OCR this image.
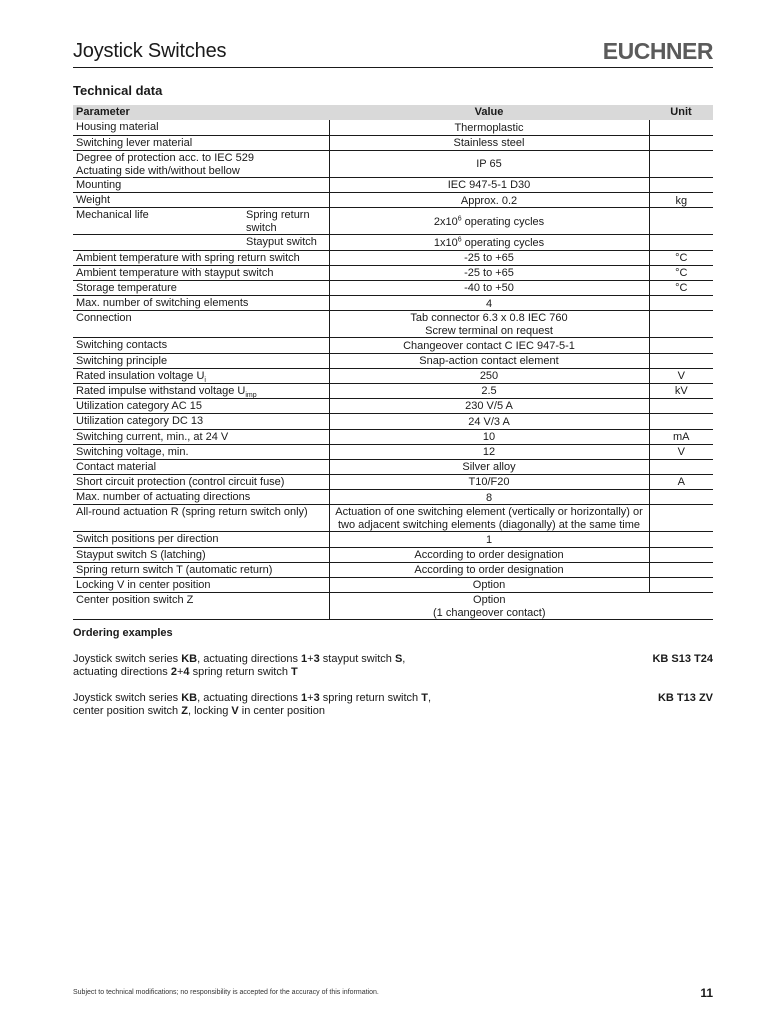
Joystick Switches	EUCHNER
Technical data
Parameter	Value	Unit
Housing material	Thermoplastic	
Switching lever material	Stainless steel	

Degree of protection acc. to IEC 529
Actuating side with/without bellow	IP 65	
Mounting	IEC 947-5-1 D30	
Weight	Approx. 0.2	kg
Mechanical life Spring return switch	$2x10^6$ operating cycles	
Stayput switch	$1x10^6$ operating cycles	
Ambient temperature with spring return switch	-25 to +65	°C
Ambient temperature with stayput switch	-25 to +65	°C
Storage temperature	-40 to +50	°C
Max. number of switching elements	4	
Connection	Tab connector 6.3 x 0.8 IEC 760
Screw terminal on request	

Switching contacts	Changeover contact C IEC 947-5-1	
Switching principle	Snap-action contact element	
Rated insulation voltage $U_i$	250	V
Rated impulse withstand voltage $U_{imp}$	2.5	kV
Utilization category AC 15	230 V/5 A	
Utilization category DC 13	24 V/3 A	
Switching current, min., at 24 V	10	mA
Switching voltage, min.	12	V
Contact material	Silver alloy	
Short circuit protection (control circuit fuse)	T10/F20	A
Max. number of actuating directions	8	
All-round actuation R (spring return switch only)	Actuation of one switching element (vertically or horizontally) or
two adjacent switching elements (diagonally) at the same time	

Switch positions per direction	1	
Stayput switch S (latching)	According to order designation	
Spring return switch T (automatic return)	According to order designation	
Locking V in center position	Option	
Center position switch Z	Option
(1 changeover contact)	

Ordering examples
Joystick switch series KB, actuating directions 1+3 stayput switch S,
actuating directions 2+4 spring return switch T
KB S13 T24
Joystick switch series KB, actuating directions 1+3 spring return switch T,
center position switch Z, locking V in center position
KB T13 ZV
Subject to technical modifications; no responsibility is accepted for the accuracy of this information.	11
